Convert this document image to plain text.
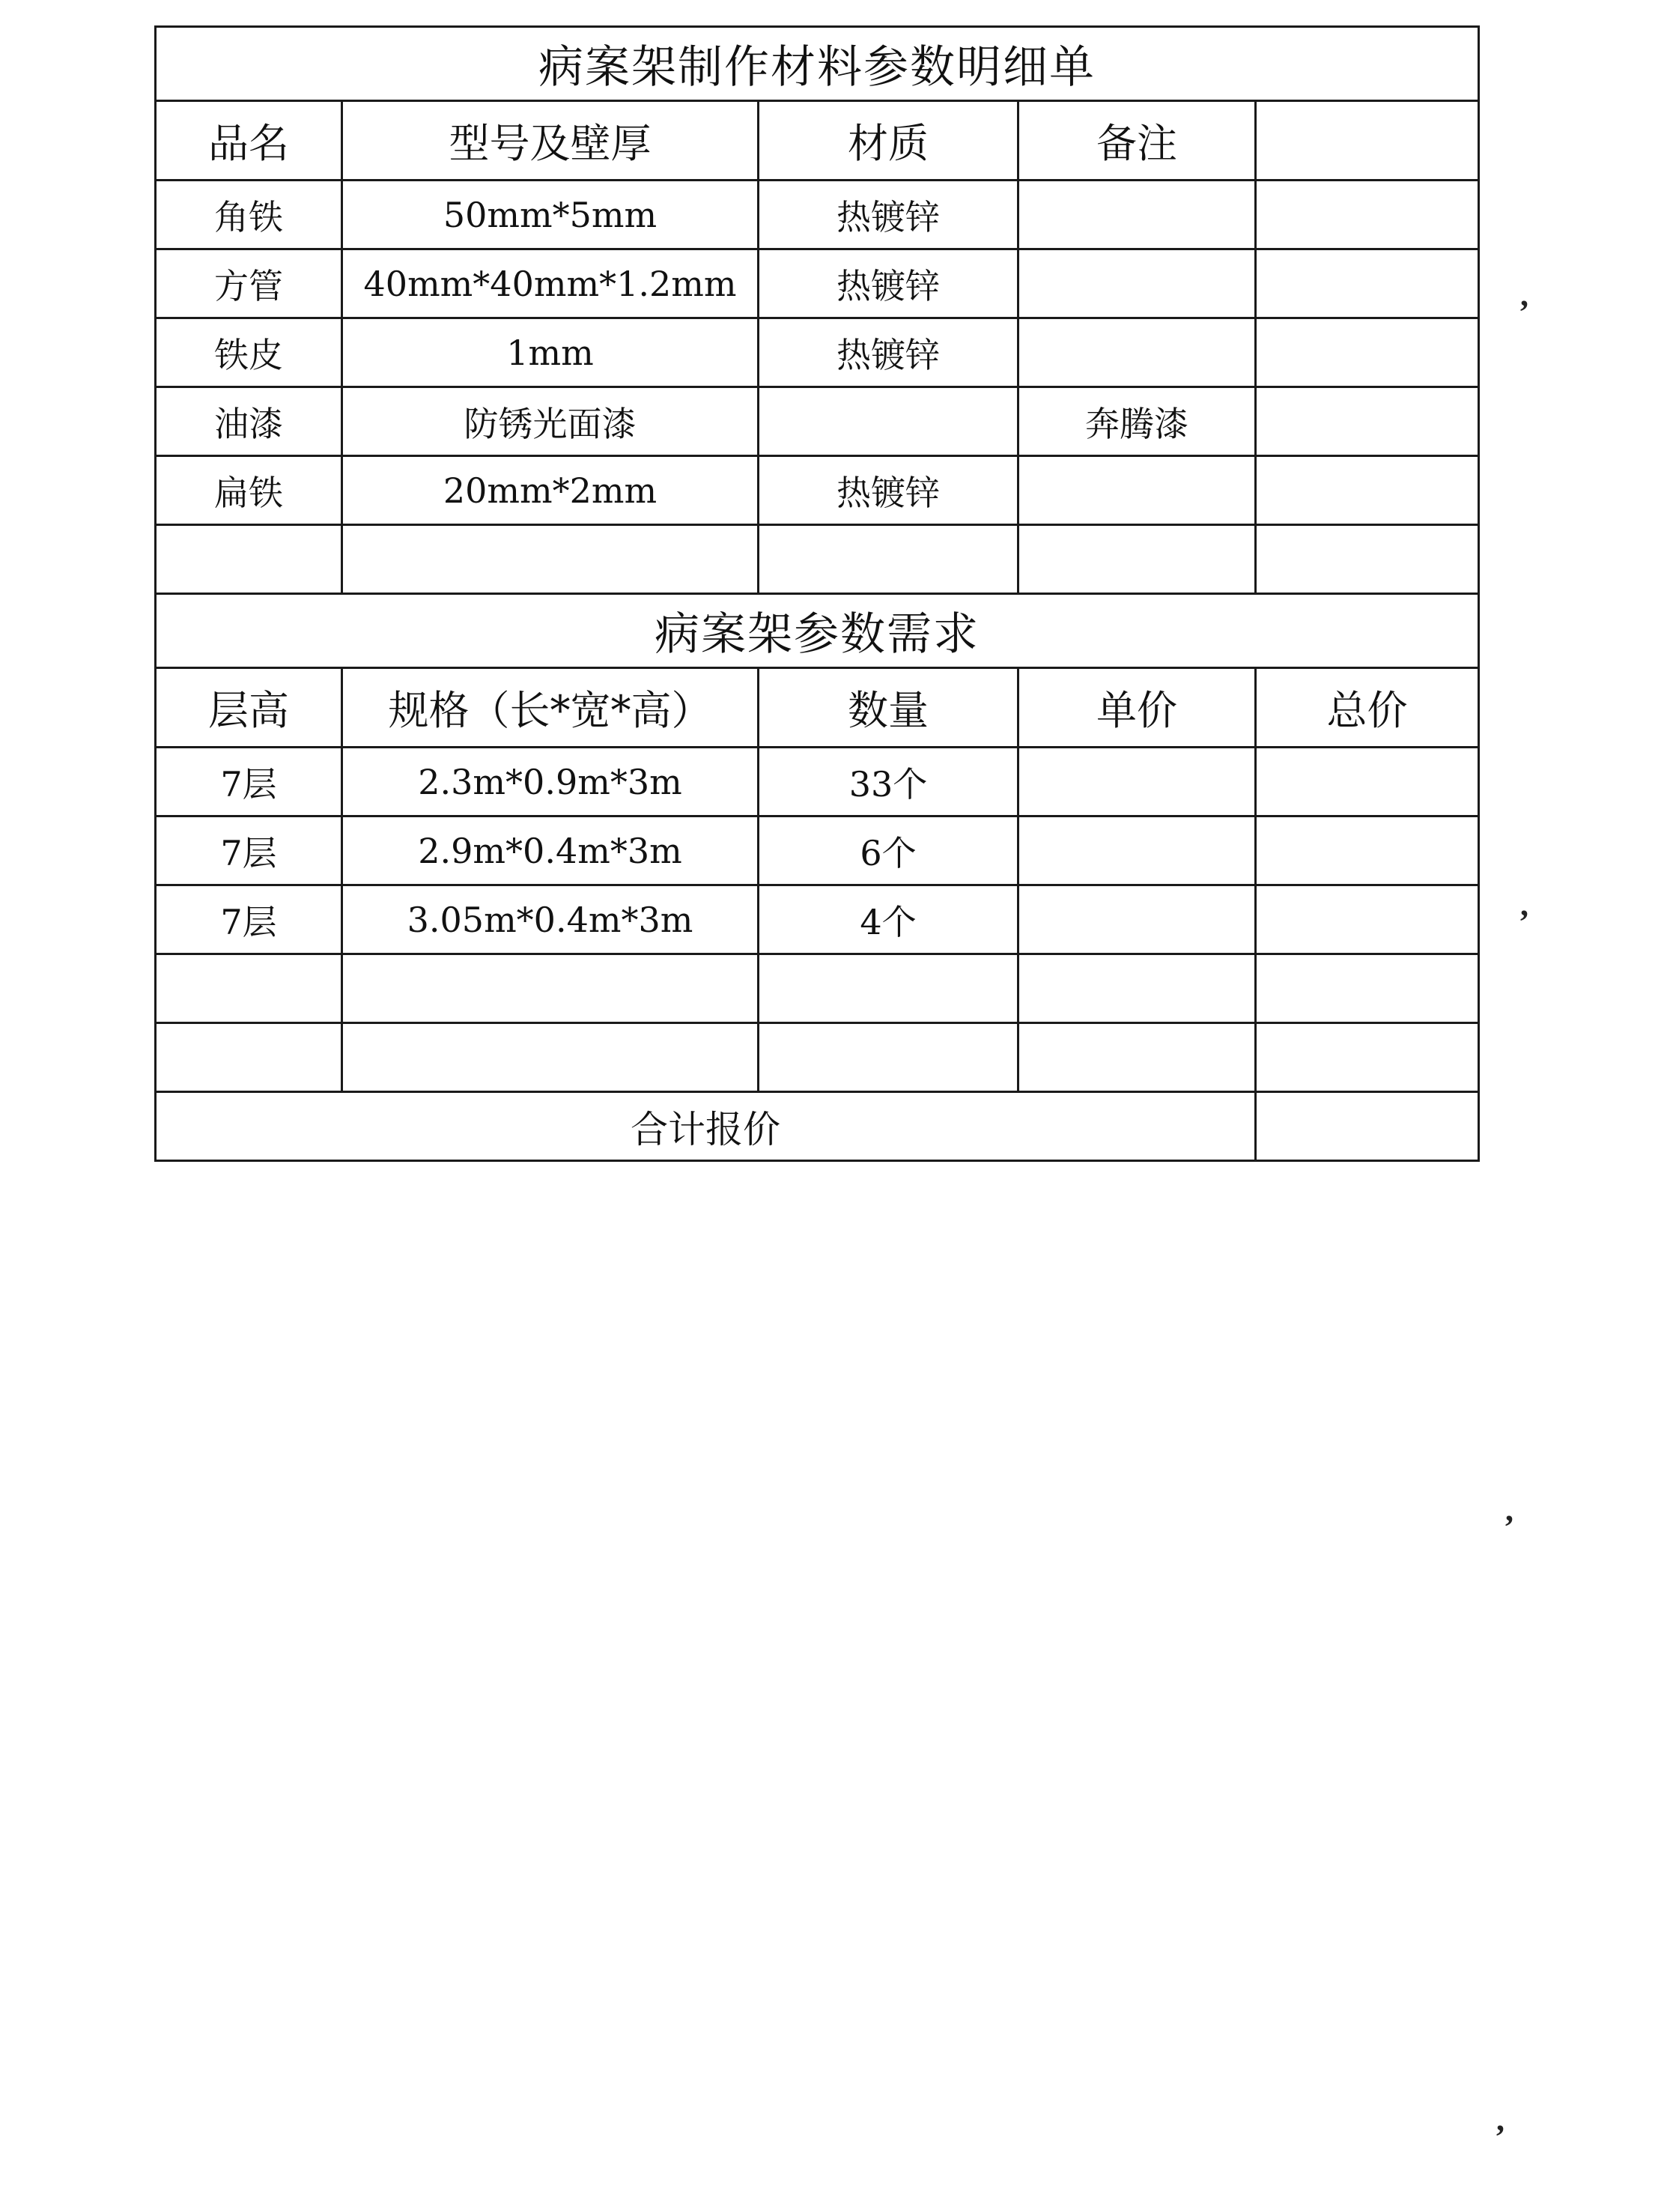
病案架制作材料参数明细单				
品名	型号及壁厚	材质	备注	
角铁	50mm*5mm	热镀锌		
方管	40mm*40mm*1.2mm	热镀锌		
铁皮	1mm	热镀锌		
油漆	防锈光面漆		奔腾漆	
扁铁	20mm*2mm	热镀锌		

病案架参数需求				
层高	规格（长*宽*高）	数量	单价	总价
7层	2.3m*0.9m*3m	33个		
7层	2.9m*0.4m*3m	6个		
7层	3.05m*0.4m*3m	4个		

合计报价				
,
,
,
,
